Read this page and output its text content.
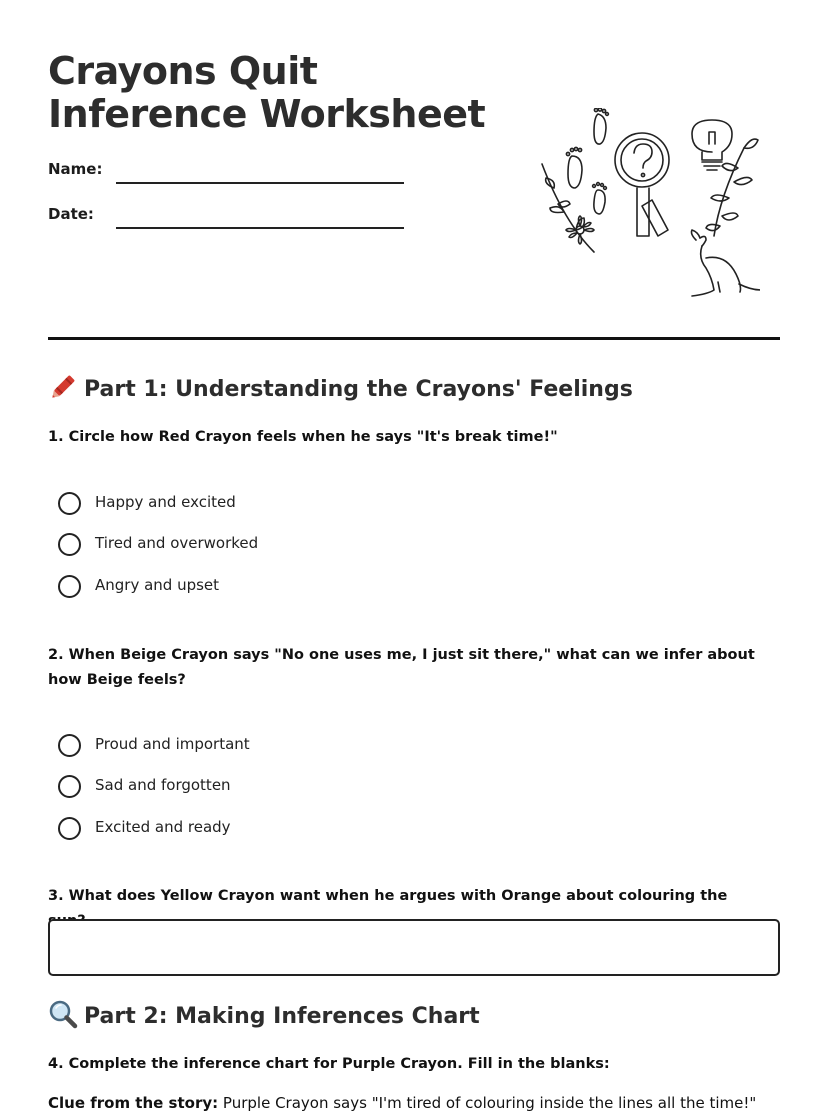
Crayons Quit Inference Worksheet
Name:
Date:
Part 1: Understanding the Crayons' Feelings

1. Circle how Red Crayon feels when he says "It's break time!"

Happy and excited
Tired and overworked
Angry and upset

2. When Beige Crayon says "No one uses me, I just sit there," what can we infer about how Beige feels?

Proud and important
Sad and forgotten
Excited and ready

3. What does Yellow Crayon want when he argues with Orange about colouring the

Part 2: Making Inferences Chart

4. Complete the inference chart for Purple Crayon. Fill in the blanks:

Clue from the story: Purple Crayon says "I'm tired of colouring inside the lines all the time!"
